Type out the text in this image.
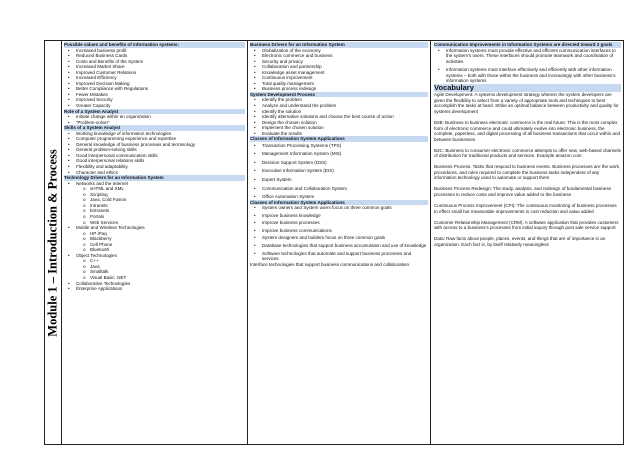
Module 1 – Introduction & Process
Possible values and benefits of information systems:
• Increased business profit
• Reduced Business Cards
• Costs and Benefits of the System
• Increased Market Share
• Improved Customer Relations
• Increased Efficiency
• Improved Decision Making
• Better Compliance with Regulations
• Fewer Mistakes
• Improved Security
• Greater Capacity
Role of a System Analyst
• Initiate change within an organization
• “Problem-solver”
Skills of a System Analyst
• Working knowledge of information technologies
• Computer programming experience and expertise
• General knowledge of business processes and terminology
• General problem-solving skills
• Good interpersonal communication skills
• Good interpersonal relations skills
• Flexibility and adaptability
• Character and ethics
Technology Drivers for an Information System
• Networks and the Internet
o xHTML and XML
o Scripting
o Java, Cold Fusion
o Intranets
o Extranets
o Portals
o Web Services
• Mobile and Wireless Technologies
o HP iPaq
o Blackberry
o Cell Phone
o Bluetooth
• Object Technologies
o C++
o Java
o Smalltalk
o Visual Basic .NET
• Collaborative Technologies
• Enterprise Applications
Business Drivers for an Information System
• Globalization of the economy
• Electronic commerce and business
• Security and privacy
• Collaboration and partnership
• Knowledge asset management
• Continuous improvement
• Total quality management
• Business process redesign
System Development Process
• Identify the problem
• Analyze and understand the problem
• Identify the solution
• Identify alternative solutions and choose the best course of action
• Design the chosen solution
• Implement the chosen solution
• Evaluate the results
Classes of Information System Applications
• Transaction Processing Systems (TPS)
• Management Information System (MIS)
• Decision Support System (DSS)
• Executive Information System (EIS)
• Expert System
• Communication and Collaboration System
• Office Automation System
Classes of Information System Applications
• System owners and System users focus on three common goals
• Improve business knowledge
• Improve business processes
• Improve business communications
• System designers and builders focus on three common goals
• Database technologies that support business accumulation and use of knowledge
• Software technologies that automate and support business processes and services
Interface technologies that support business communications and collaboration
Communication Improvements in Information Systems are directed toward 2 goals
• Information systems must provide effective and efficient communication interfaces to the system’s users. These interfaces should promote teamwork and coordination of activities
• Information systems must interface effectively and efficiently with other information systems – both with those within the business and increasingly with other business’s information systems
Vocabulary
Agile Development: A systems development strategy wherein the system developers are given the flexibility to select from a variety of appropriate tools and techniques to best accomplish the tasks at hand. Strike an optimal balance between productivity and quality for systems development
B2B: Business to business electronic commerce is the real future. This is the most complex form of electronic commerce and could ultimately evolve into electronic business, the complete, paperless, and digital processing of all business transactions that occur within and between businesses
B2C: Business to consumer electronic commerce attempts to offer new, web-based channels of distribution for traditional products and services. Example amazon.com
Business Process: Tasks that respond to business events. Business processes are the work, procedures, and rules required to complete the business tasks independent of any information technology used to automate or support them
Business Process Redesign: The study, analysis, and redesign of fundamental business processes to reduce costs and improve value added to the business
Continuous Process Improvement (CPI): The continuous monitoring of business processes to effect small but measurable improvements in cost reduction and value added
Customer Relationship Management (CRM): A software application that provides customers with access to a business’s processes from initial inquiry through post sale service support
Data: Raw facts about people, places, events, and things that are of importance in an organization. Each fact is, by itself relatively meaningless
